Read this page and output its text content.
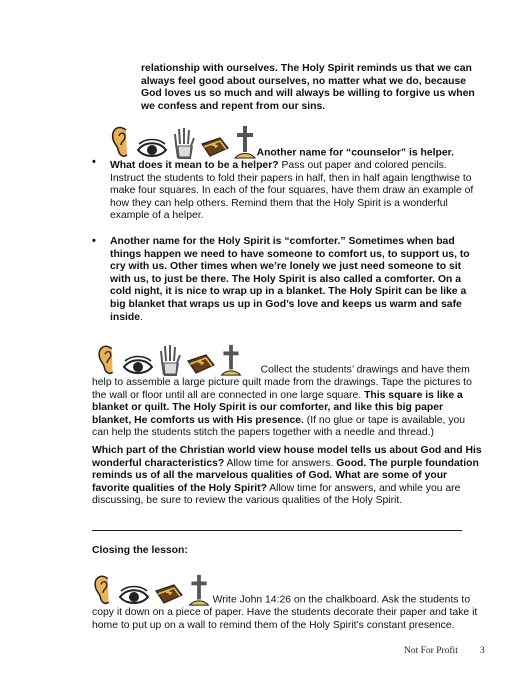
relationship with ourselves. The Holy Spirit reminds us that we can always feel good about ourselves, no matter what we do, because God loves us so much and will always be willing to forgive us when we confess and repent from our sins.

•

Another name for “counselor” is helper. What does it mean to be a helper? Pass out paper and colored pencils. Instruct the students to fold their papers in half, then in half again lengthwise to make four squares. In each of the four squares, have them draw an example of how they can help others. Remind them that the Holy Spirit is a wonderful example of a helper.

• Another name for the Holy Spirit is “comforter.” Sometimes when bad things happen we need to have someone to comfort us, to support us, to cry with us. Other times when we’re lonely we just need someone to sit with us, to just be there. The Holy Spirit is also called a comforter. On a cold night, it is nice to wrap up in a blanket. The Holy Spirit can be like a big blanket that wraps us up in God’s love and keeps us warm and safe inside.

Collect the students’ drawings and have them help to assemble a large picture quilt made from the drawings. Tape the pictures to the wall or floor until all are connected in one large square. This square is like a blanket or quilt. The Holy Spirit is our comforter, and like this big paper blanket, He comforts us with His presence. (If no glue or tape is available, you can help the students stitch the papers together with a needle and thread.)

Which part of the Christian world view house model tells us about God and His wonderful characteristics? Allow time for answers. Good. The purple foundation reminds us of all the marvelous qualities of God. What are some of your favorite qualities of the Holy Spirit? Allow time for answers, and while you are discussing, be sure to review the various qualities of the Holy Spirit.

Closing the lesson:

Write John 14:26 on the chalkboard. Ask the students to copy it down on a piece of paper. Have the students decorate their paper and take it home to put up on a wall to remind them of the Holy Spirit’s constant presence.

Not For Profit 3
